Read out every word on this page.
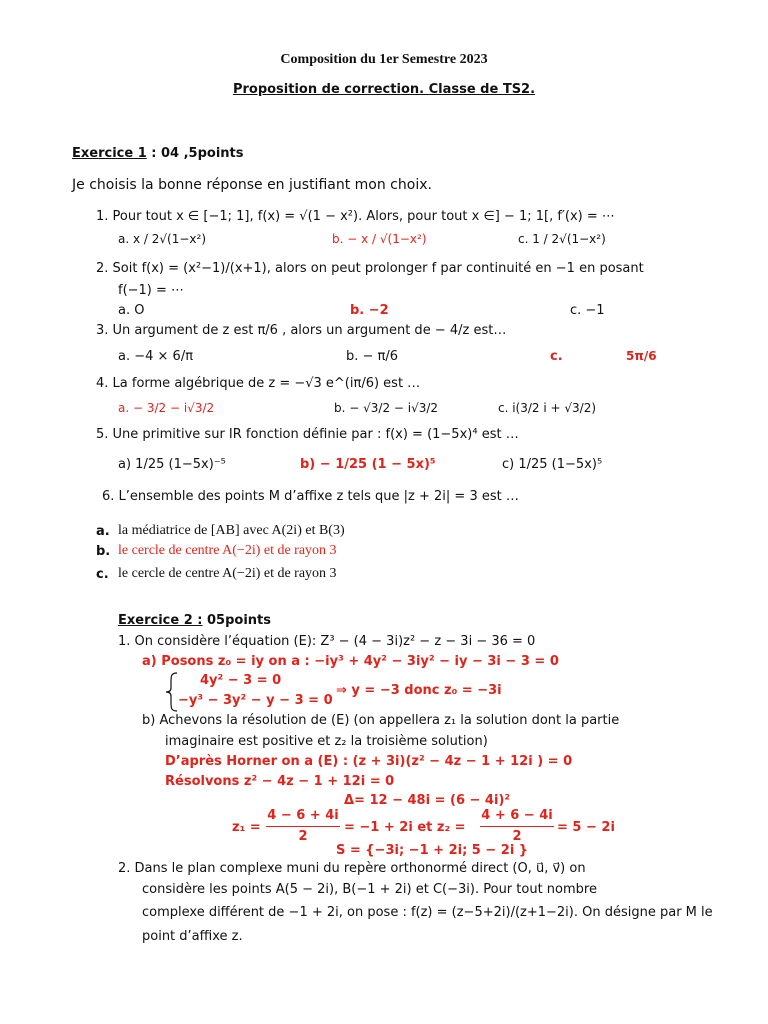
Composition du 1er Semestre 2023
Proposition de correction. Classe de TS2.
Exercice 1 : 04 ,5points
Je choisis la bonne réponse en justifiant mon choix.
1. Pour tout x ∈ [−1; 1], f(x) = √(1 − x²). Alors, pour tout x ∈] − 1; 1[, f′(x) = ⋯
a. x / 2√(1−x²)	b. − x / √(1−x²)	c. 1 / 2√(1−x²)
2. Soit f(x) = (x²−1)/(x+1), alors on peut prolonger f par continuité en −1 en posant
f(−1) = ⋯
a. O	b. −2	c. −1
3. Un argument de z est π/6 , alors un argument de − 4/z est…
a. −4 × 6/π	b. − π/6	c.	5π/6
4. La forme algébrique de z = −√3 e^(iπ/6) est …
a. − 3/2 − i√3/2	b. − √3/2 − i√3/2	c. i(3/2 i + √3/2)
5. Une primitive sur IR fonction définie par : f(x) = (1−5x)⁴ est …
a) 1/25 (1−5x)⁻⁵	b) − 1/25 (1 − 5x)⁵	c) 1/25 (1−5x)⁵
6. L’ensemble des points M d’affixe z tels que |z + 2i| = 3 est …
a. la médiatrice de [AB] avec A(2i) et B(3)
b. le cercle de centre A(−2i) et de rayon 3
c. le cercle de centre A(−2i) et de rayon 3
Exercice 2 : 05points
1. On considère l’équation (E): Z³ − (4 − 3i)z² − z − 3i − 36 = 0
a) Posons z₀ = iy on a : −iy³ + 4y² − 3iy² − iy − 3i − 3 = 0
4y² − 3 = 0
−y³ − 3y² − y − 3 = 0
⇒ y = −3 donc z₀ = −3i
b) Achevons la résolution de (E) (on appellera z₁ la solution dont la partie
imaginaire est positive et z₂ la troisième solution)
D’après Horner on a (E) : (z + 3i)(z² − 4z − 1 + 12i ) = 0
Résolvons z² − 4z − 1 + 12i = 0
Δ= 12 − 48i = (6 − 4i)²
z₁ =
4 − 6 + 4i
2
= −1 + 2i et z₂ =
4 + 6 − 4i
2
= 5 − 2i
S = {−3i; −1 + 2i; 5 − 2i }
2. Dans le plan complexe muni du repère orthonormé direct (O, u⃗, v⃗) on
considère les points A(5 − 2i), B(−1 + 2i) et C(−3i). Pour tout nombre
complexe différent de −1 + 2i, on pose : f(z) = (z−5+2i)/(z+1−2i). On désigne par M le
point d’affixe z.
